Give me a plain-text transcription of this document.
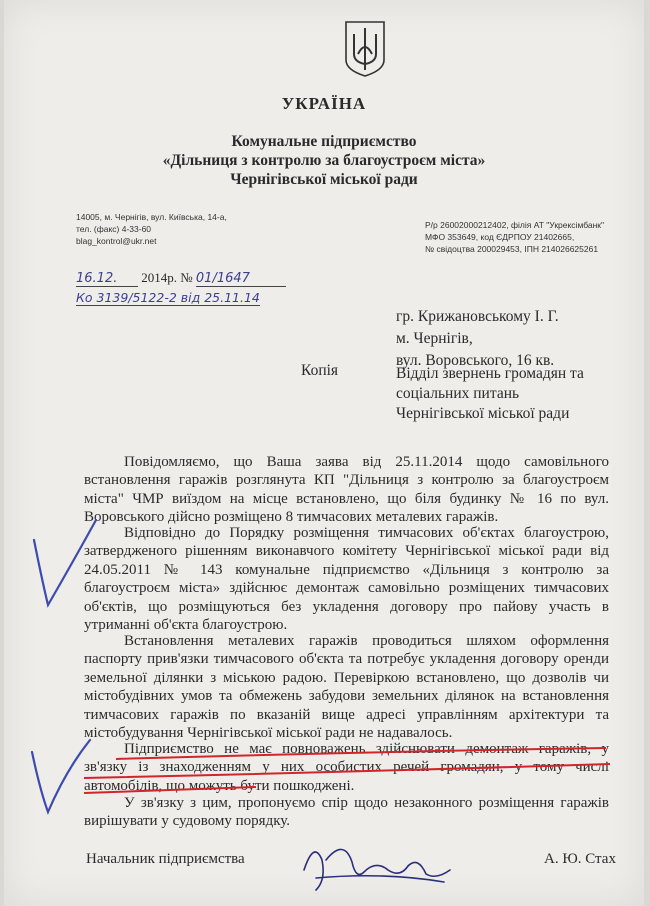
УКРАЇНА
Комунальне підприємство
«Дільниця з контролю за благоустроєм міста»
Чернігівської міської ради
14005, м. Чернігів, вул. Київська, 14-а,
тел. (факс) 4-33-60
blag_kontrol@ukr.net
Р/р 26002000212402, філія АТ "Укрексімбанк"
МФО 353649, код ЄДРПОУ 21402665,
№ свідоцтва 200029453, ІПН 214026625261
16.12. 2014р. № 01/1647
Ко 3139/5122-2 від 25.11.14
гр. Крижановському І. Г.
м. Чернігів,
вул. Воровського, 16 кв.
Копія	Відділ звернень громадян та
соціальних питань
Чернігівської міської ради

Повідомляємо, що Ваша заява від 25.11.2014 щодо самовільного встановлення гаражів розглянута КП "Дільниця з контролю за благоустроєм міста" ЧМР виїздом на місце встановлено, що біля будинку № 16 по вул. Воровського дійсно розміщено 8 тимчасових металевих гаражів.

Відповідно до Порядку розміщення тимчасових об'єктах благоустрою, затвердженого рішенням виконавчого комітету Чернігівської міської ради від 24.05.2011 № 143 комунальне підприємство «Дільниця з контролю за благоустроєм міста» здійснює демонтаж самовільно розміщених тимчасових об'єктів, що розміщуються без укладення договору про пайову участь в утриманні об'єкта благоустрою.

Встановлення металевих гаражів проводиться шляхом оформлення паспорту прив'язки тимчасового об'єкта та потребує укладення договору оренди земельної ділянки з міською радою. Перевіркою встановлено, що дозволів чи містобудівних умов та обмежень забудови земельних ділянок на встановлення тимчасових гаражів по вказаній вище адресі управлінням архітектури та містобудування Чернігівської міської ради не надавалось.

Підприємство не має повноважень здійснювати демонтаж гаражів, у зв'язку із знаходженням у них особистих речей громадян, у тому числі автомобілів, що можуть бути пошкоджені.

У зв'язку з цим, пропонуємо спір щодо незаконного розміщення гаражів вирішувати у судовому порядку.

Начальник підприємства	А. Ю. Стах
